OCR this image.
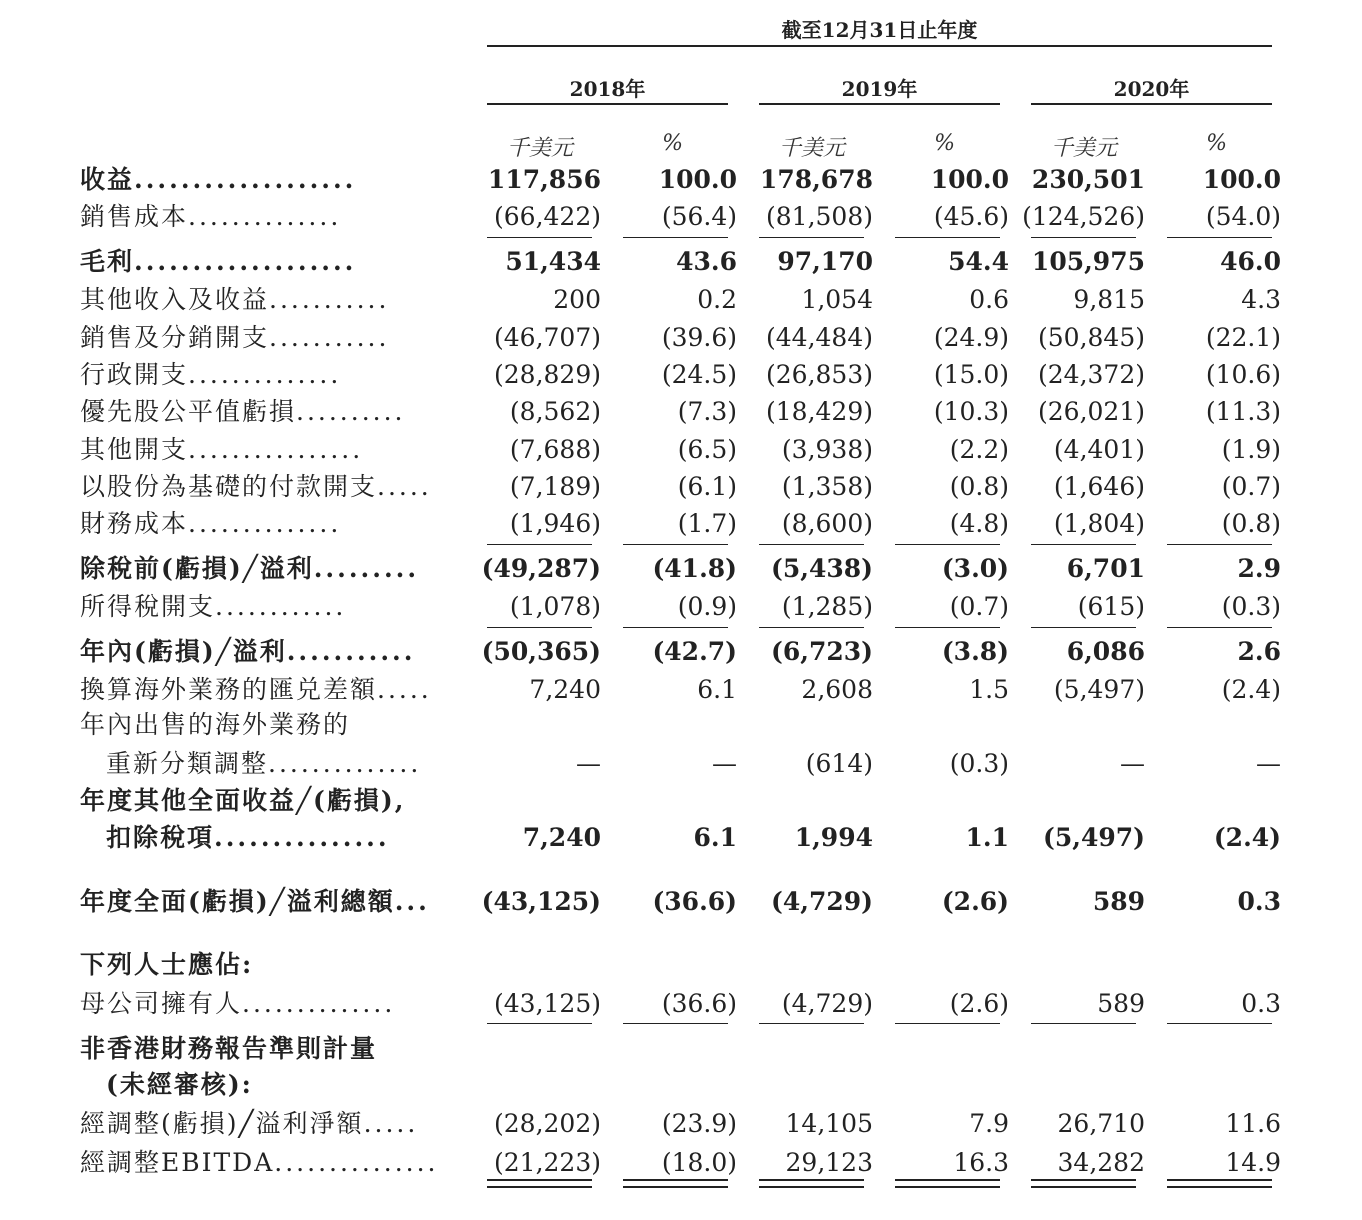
截至12月31日止年度
2018年	2019年	2020年
千美元	%	千美元	%	千美元	%
收益...................	117,856	100.0 178,678	100.0 230,501	100.0
銷售成本..............	(66,422)	(56.4)	(81,508)	(45.6) (124,526)	(54.0)
毛利...................	51,434	43.6	97,170	54.4 105,975	46.0
其他收入及收益...........	200	0.2	1,054	0.6	9,815	4.3
銷售及分銷開支...........	(46,707)	(39.6)	(44,484)	(24.9)	(50,845)	(22.1)
行政開支..............	(28,829)	(24.5)	(26,853)	(15.0)	(24,372)	(10.6)
優先股公平值虧損..........	(8,562)	(7.3)	(18,429)	(10.3)	(26,021)	(11.3)
其他開支................	(7,688)	(6.5)	(3,938)	(2.2)	(4,401)	(1.9)
以股份為基礎的付款開支.....	(7,189)	(6.1)	(1,358)	(0.8)	(1,646)	(0.7)
財務成本..............	(1,946)	(1.7)	(8,600)	(4.8)	(1,804)	(0.8)
除稅前(虧損)╱溢利.........	(49,287)	(41.8)	(5,438)	(3.0)	6,701	2.9
所得稅開支............	(1,078)	(0.9)	(1,285)	(0.7)	(615)	(0.3)
年內(虧損)╱溢利...........	(50,365)	(42.7)	(6,723)	(3.8)	6,086	2.6
換算海外業務的匯兑差額.....	7,240	6.1	2,608	1.5	(5,497)	(2.4)
年內出售的海外業務的
重新分類調整..............	—	—	(614)	(0.3)	—	—
年度其他全面收益╱(虧損),
扣除稅項...............	7,240	6.1	1,994	1.1	(5,497)	(2.4)
年度全面(虧損)╱溢利總額...	(43,125)	(36.6)	(4,729)	(2.6)	589	0.3
下列人士應佔:
母公司擁有人..............	(43,125)	(36.6)	(4,729)	(2.6)	589	0.3
非香港財務報告準則計量
(未經審核):
經調整(虧損)╱溢利淨額.....	(28,202)	(23.9)	14,105	7.9	26,710	11.6
經調整EBITDA...............	(21,223)	(18.0)	29,123	16.3	34,282	14.9
